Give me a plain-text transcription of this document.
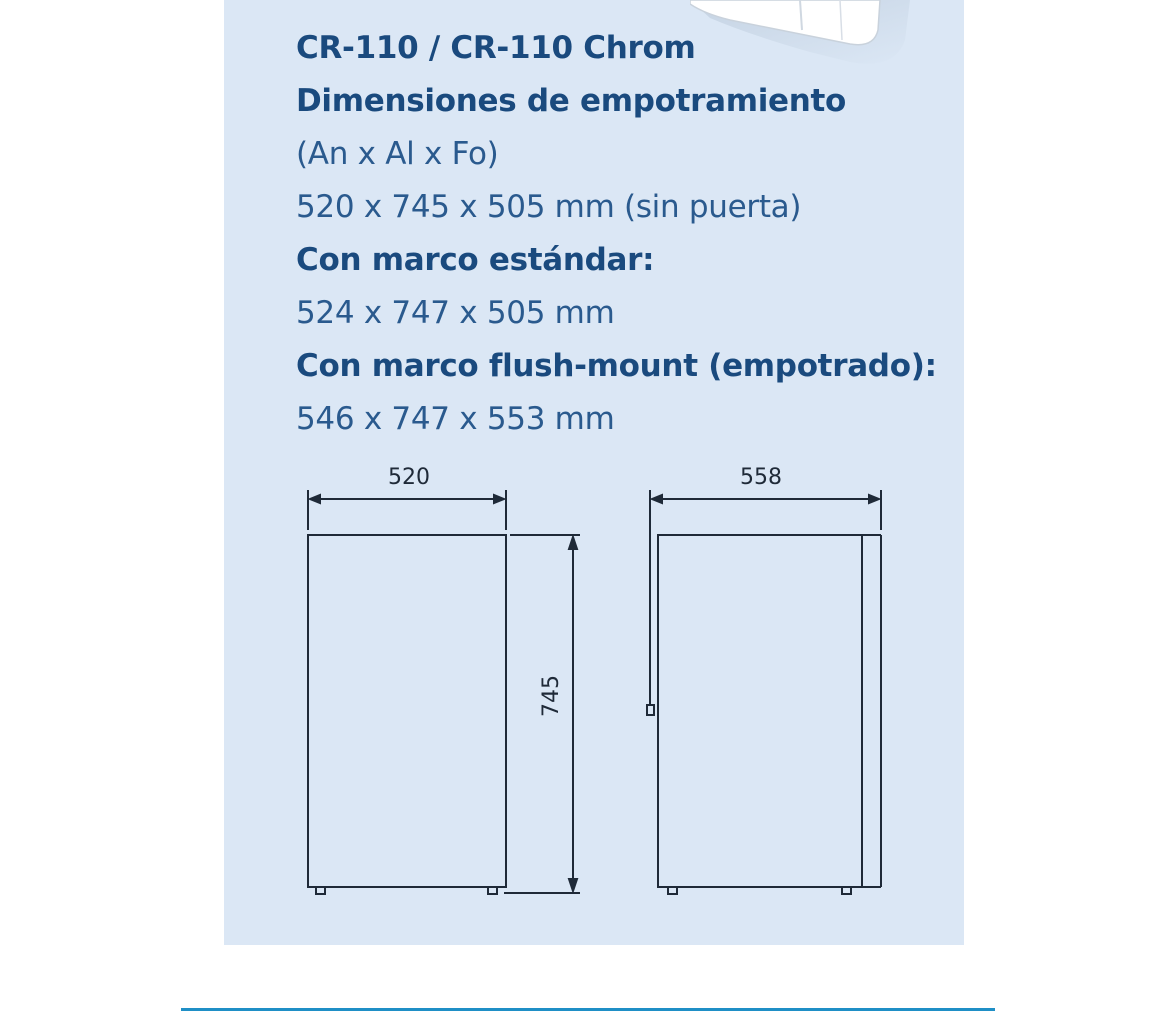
CR-110 / CR-110 Chrom
Dimensiones de empotramiento
(An x Al x Fo)
520 x 745 x 505 mm (sin puerta)
Con marco estándar:
524 x 747 x 505 mm
Con marco flush-mount (empotrado):
546 x 747 x 553 mm
520	558
745
